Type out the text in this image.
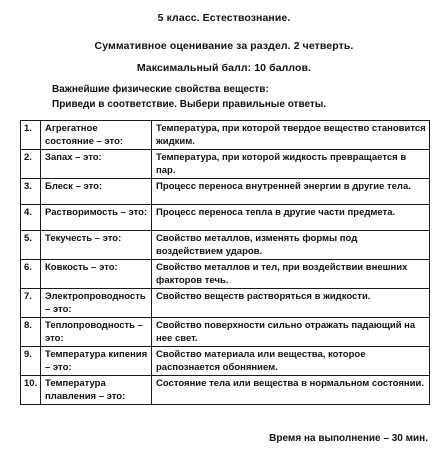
5 класс. Естествознание.
Суммативное оценивание за раздел. 2 четверть.
Максимальный балл: 10 баллов.
Важнейшие физические свойства веществ:
Приведи в соответствие. Выбери правильные ответы.
1.	Агрегатное состояние – это:	Температура, при которой твердое вещество становится жидким.
2.	Запах – это:	Температура, при которой жидкость превращается в пар.
3.	Блеск – это:	Процесс переноса внутренней энергии в другие тела.
4.	Растворимость – это:	Процесс переноса тепла в другие части предмета.
5.	Текучесть – это:	Свойство металлов, изменять формы под воздействием ударов.
6.	Ковкость – это:	Свойство металлов и тел, при воздействии внешних факторов течь.
7.	Электропроводность – это:	Свойство веществ растворяться в жидкости.
8.	Теплопроводность – это:	Свойство поверхности сильно отражать падающий на нее свет.
9.	Температура кипения – это:	Свойство материала или вещества, которое распознается обонянием.
10.	Температура плавления – это:	Состояние тела или вещества в нормальном состоянии.
Время на выполнение – 30 мин.
